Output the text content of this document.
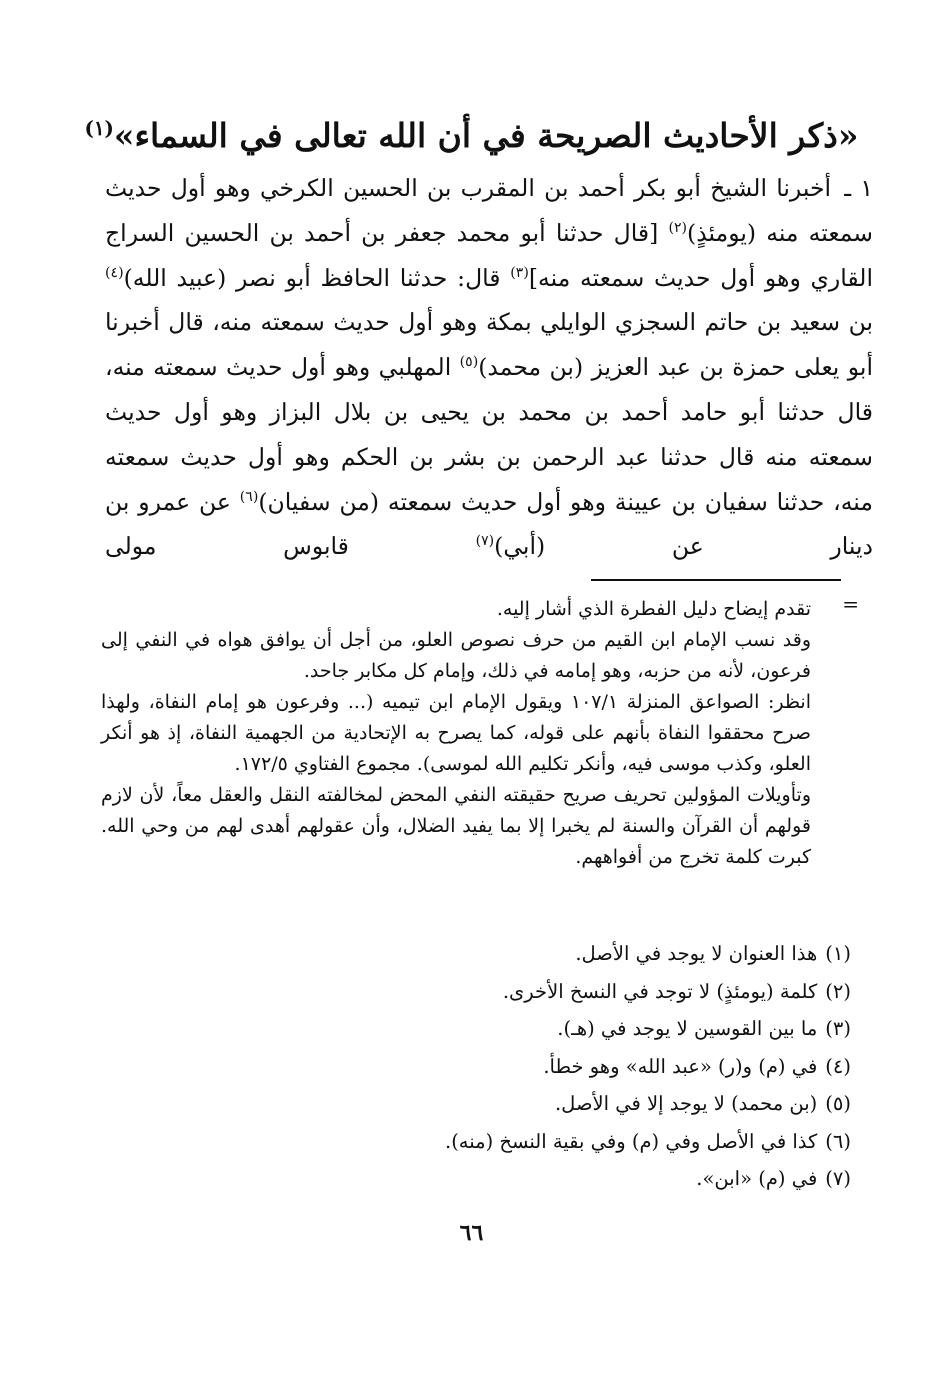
«ذكر الأحاديث الصريحة في أن الله تعالى في السماء»$^{(١)}$
١ ـ أخبرنا الشيخ أبو بكر أحمد بن المقرب بن الحسين الكرخي وهو أول حديث سمعته منه (يومئذٍ)$^{(٢)}$ [قال حدثنا أبو محمد جعفر بن أحمد بن الحسين السراج القاري وهو أول حديث سمعته منه]$^{(٣)}$ قال: حدثنا الحافظ أبو نصر (عبيد الله)$^{(٤)}$ بن سعيد بن حاتم السجزي الوايلي بمكة وهو أول حديث سمعته منه، قال أخبرنا أبو يعلى حمزة بن عبد العزيز (بن محمد)$^{(٥)}$ المهلبي وهو أول حديث سمعته منه، قال حدثنا أبو حامد أحمد بن محمد بن يحيى بن بلال البزاز وهو أول حديث سمعته منه قال حدثنا عبد الرحمن بن بشر بن الحكم وهو أول حديث سمعته منه، حدثنا سفيان بن عيينة وهو أول حديث سمعته (من سفيان)$^{(٦)}$ عن عمرو بن دينار عن (أبي)$^{(٧)}$ قابوس مولى
=

تقدم إيضاح دليل الفطرة الذي أشار إليه.

وقد نسب الإمام ابن القيم من حرف نصوص العلو، من أجل أن يوافق هواه في النفي إلى فرعون، لأنه من حزبه، وهو إمامه في ذلك، وإمام كل مكابر جاحد.

انظر: الصواعق المنزلة ١٠٧/١ ويقول الإمام ابن تيميه (... وفرعون هو إمام النفاة، ولهذا صرح محققوا النفاة بأنهم على قوله، كما يصرح به الإتحادية من الجهمية النفاة، إذ هو أنكر العلو، وكذب موسى فيه، وأنكر تكليم الله لموسى). مجموع الفتاوي ١٧٢/٥.

وتأويلات المؤولين تحريف صريح حقيقته النفي المحض لمخالفته النقل والعقل معاً، لأن لازم قولهم أن القرآن والسنة لم يخبرا إلا بما يفيد الضلال، وأن عقولهم أهدى لهم من وحي الله. كبرت كلمة تخرج من أفواههم.

(١)هذا العنوان لا يوجد في الأصل.
(٢)كلمة (يومئذٍ) لا توجد في النسخ الأخرى.
(٣)ما بين القوسين لا يوجد في (هـ).
(٤)في (م) و(ر) «عبد الله» وهو خطأ.
(٥)(بن محمد) لا يوجد إلا في الأصل.
(٦)كذا في الأصل وفي (م) وفي بقية النسخ (منه).
(٧)في (م) «ابن».
٦٦
